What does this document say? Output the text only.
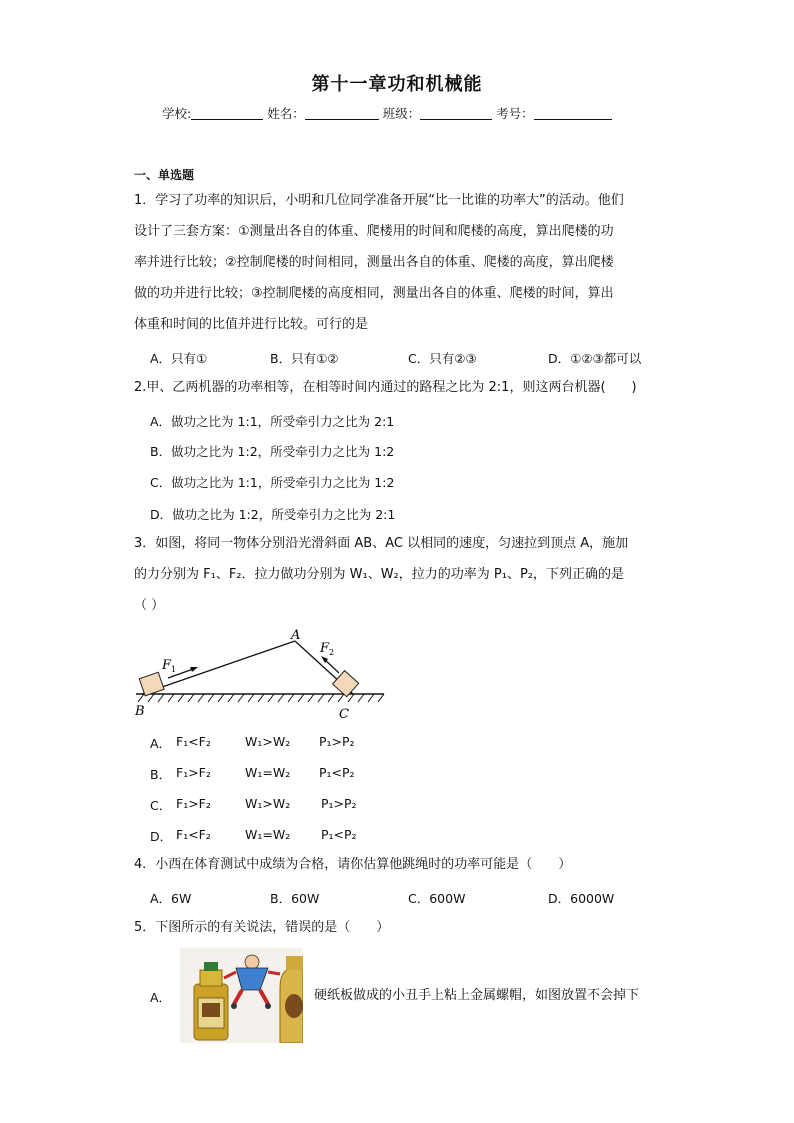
第十一章功和机械能
学校:	姓名：	班级：	考号：
一、单选题
1．学习了功率的知识后，小明和几位同学准备开展“比一比谁的功率大”的活动。他们
设计了三套方案：①测量出各自的体重、爬楼用的时间和爬楼的高度，算出爬楼的功
率并进行比较；②控制爬楼的时间相同，测量出各自的体重、爬楼的高度，算出爬楼
做的功并进行比较；③控制爬楼的高度相同，测量出各自的体重、爬楼的时间，算出
体重和时间的比值并进行比较。可行的是
A．只有①	B．只有①②	C．只有②③	D．①②③都可以
2.甲、乙两机器的功率相等，在相等时间内通过的路程之比为 2:1，则这两台机器(　　)
A．做功之比为 1:1，所受牵引力之比为 2:1
B．做功之比为 1:2，所受牵引力之比为 1:2
C．做功之比为 1:1，所受牵引力之比为 1:2
D．做功之比为 1:2，所受牵引力之比为 2:1
3．如图，将同一物体分别沿光滑斜面 AB、AC 以相同的速度，匀速拉到顶点 A，施加
的力分别为 F₁、F₂．拉力做功分别为 W₁、W₂，拉力的功率为 P₁、P₂，下列正确的是
（ ）
$F_1$
$F_2$
A
B	C
A． F₁<F₂	W₁>W₂ P₁>P₂
B． F₁>F₂	W₁=W₂ P₁<P₂
C． F₁>F₂	W₁>W₂ P₁>P₂
D． F₁<F₂	W₁=W₂ P₁<P₂
4．小西在体育测试中成绩为合格，请你估算他跳绳时的功率可能是（　　）
A．6W	B．60W	C．600W	D．6000W
5．下图所示的有关说法，错误的是（　　）
A．	硬纸板做成的小丑手上粘上金属螺帽，如图放置不会掉下
